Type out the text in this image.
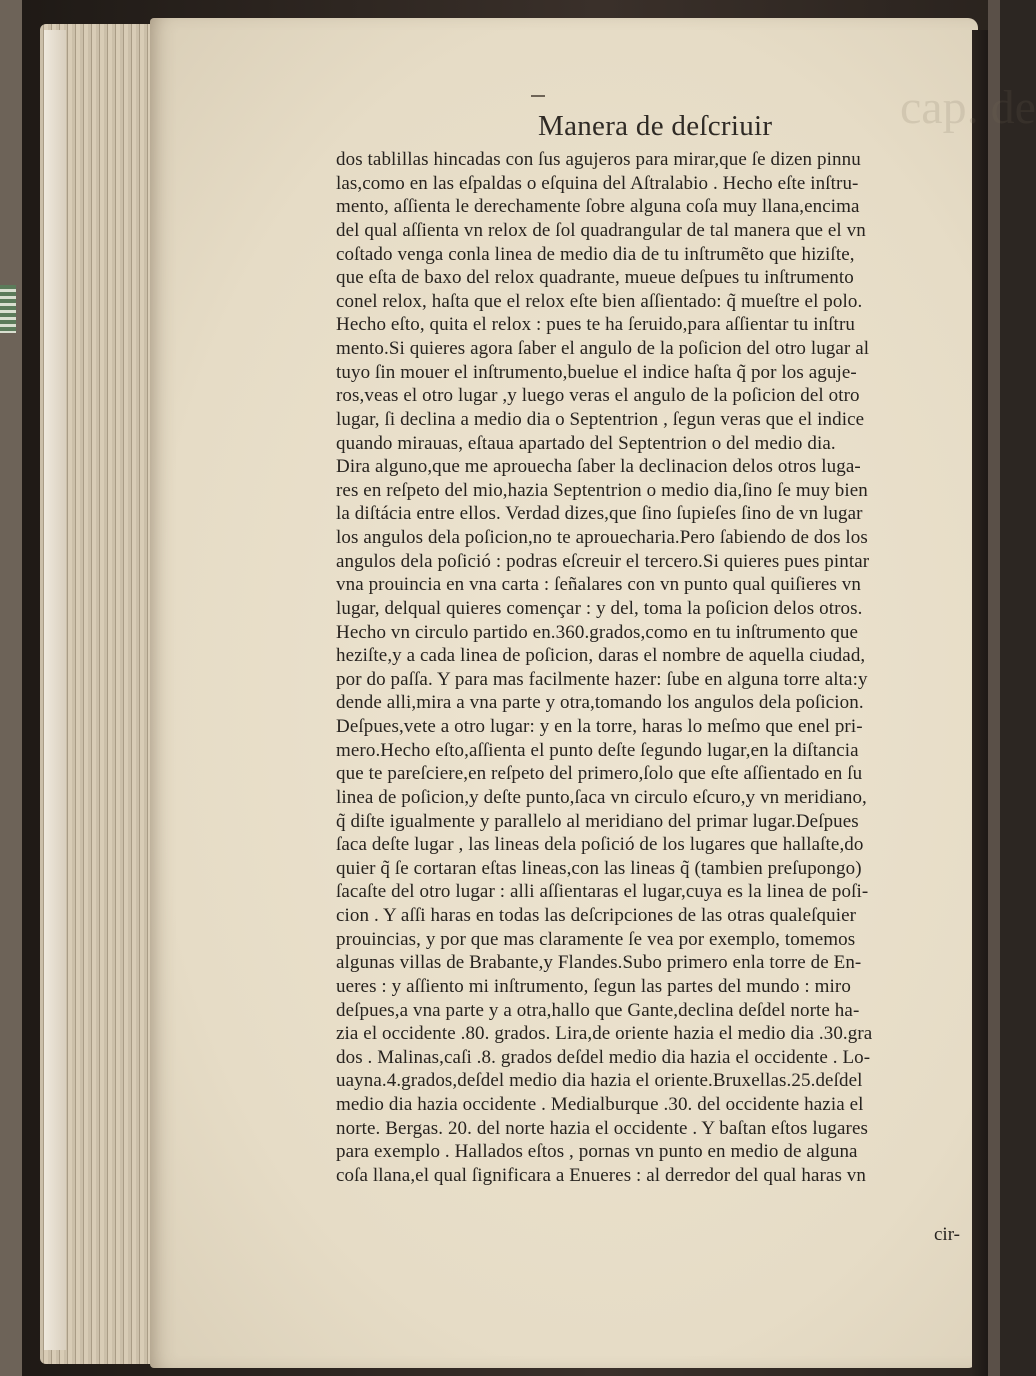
cap. de
Manera de deſcriuir
dos tablillas hincadas con ſus agujeros para mirar,que ſe dizen pinnu
las,como en las eſpaldas o eſquina del Aſtralabio . Hecho eſte inſtru-
mento, aſſienta le derechamente ſobre alguna coſa muy llana,encima
del qual aſſienta vn relox de ſol quadrangular de tal manera que el vn
coſtado venga conla linea de medio dia de tu inſtrumẽto que hiziſte,
que eſta de baxo del relox quadrante, mueue deſpues tu inſtrumento
conel relox, haſta que el relox eſte bien aſſientado: q̃ mueſtre el polo.
Hecho eſto, quita el relox : pues te ha ſeruido,para aſſientar tu inſtru
mento.Si quieres agora ſaber el angulo de la poſicion del otro lugar al
tuyo ſin mouer el inſtrumento,buelue el indice haſta q̃ por los aguje-
ros,veas el otro lugar ,y luego veras el angulo de la poſicion del otro
lugar, ſi declina a medio dia o Septentrion , ſegun veras que el indice
quando mirauas, eſtaua apartado del Septentrion o del medio dia.
Dira alguno,que me aprouecha ſaber la declinacion delos otros luga-
res en reſpeto del mio,hazia Septentrion o medio dia,ſino ſe muy bien
la diſtácia entre ellos. Verdad dizes,que ſino ſupieſes ſino de vn lugar
los angulos dela poſicion,no te aprouecharia.Pero ſabiendo de dos los
angulos dela poſició : podras eſcreuir el tercero.Si quieres pues pintar
vna prouincia en vna carta : ſeñalares con vn punto qual quiſieres vn
lugar, delqual quieres començar : y del, toma la poſicion delos otros.
Hecho vn circulo partido en.360.grados,como en tu inſtrumento que
heziſte,y a cada linea de poſicion, daras el nombre de aquella ciudad,
por do paſſa. Y para mas facilmente hazer: ſube en alguna torre alta:y
dende alli,mira a vna parte y otra,tomando los angulos dela poſicion.
Deſpues,vete a otro lugar: y en la torre, haras lo meſmo que enel pri-
mero.Hecho eſto,aſſienta el punto deſte ſegundo lugar,en la diſtancia
que te pareſciere,en reſpeto del primero,ſolo que eſte aſſientado en ſu
linea de poſicion,y deſte punto,ſaca vn circulo eſcuro,y vn meridiano,
q̃ diſte igualmente y parallelo al meridiano del primar lugar.Deſpues
ſaca deſte lugar , las lineas dela poſició de los lugares que hallaſte,do
quier q̃ ſe cortaran eſtas lineas,con las lineas q̃ (tambien preſupongo)
ſacaſte del otro lugar : alli aſſientaras el lugar,cuya es la linea de poſi-
cion . Y aſſi haras en todas las deſcripciones de las otras qualeſquier
prouincias, y por que mas claramente ſe vea por exemplo, tomemos
algunas villas de Brabante,y Flandes.Subo primero enla torre de En-
ueres : y aſſiento mi inſtrumento, ſegun las partes del mundo : miro
deſpues,a vna parte y a otra,hallo que Gante,declina deſdel norte ha-
zia el occidente .80. grados. Lira,de oriente hazia el medio dia .30.gra
dos . Malinas,caſi .8. grados deſdel medio dia hazia el occidente . Lo-
uayna.4.grados,deſdel medio dia hazia el oriente.Bruxellas.25.deſdel
medio dia hazia occidente . Medialburque .30. del occidente hazia el
norte. Bergas. 20. del norte hazia el occidente . Y baſtan eſtos lugares
para exemplo . Hallados eſtos , pornas vn punto en medio de alguna
coſa llana,el qual ſignificara a Enueres : al derredor del qual haras vn
cir-
